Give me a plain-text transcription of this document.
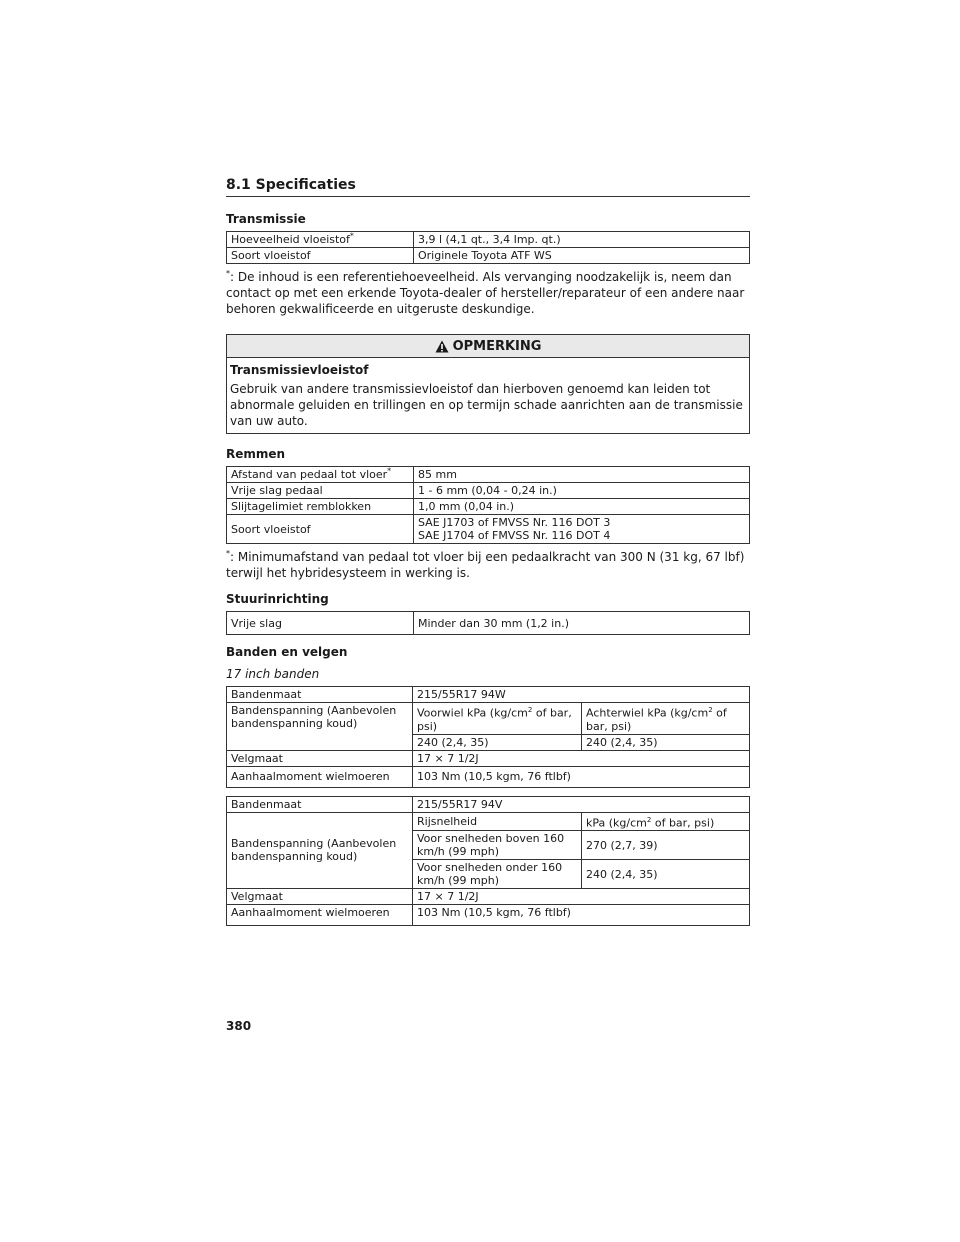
8.1 Specificaties
Transmissie
Hoeveelheid vloeistof*	3,9 l (4,1 qt., 3,4 Imp. qt.)
Soort vloeistof	Originele Toyota ATF WS

*: De inhoud is een referentiehoeveelheid. Als vervanging noodzakelijk is, neem dan contact op met een erkende Toyota-dealer of hersteller/reparateur of een andere naar behoren gekwalificeerde en uitgeruste deskundige.

OPMERKING

Transmissievloeistof

Gebruik van andere transmissievloeistof dan hierboven genoemd kan leiden tot abnormale geluiden en trillingen en op termijn schade aanrichten aan de transmissie van uw auto.

Remmen
Afstand van pedaal tot vloer*	85 mm
Vrije slag pedaal	1 - 6 mm (0,04 - 0,24 in.)
Slijtagelimiet remblokken	1,0 mm (0,04 in.)
Soort vloeistof	SAE J1703 of FMVSS Nr. 116 DOT 3
SAE J1704 of FMVSS Nr. 116 DOT 4

*: Minimumafstand van pedaal tot vloer bij een pedaalkracht van 300 N (31 kg, 67 lbf) terwijl het hybridesysteem in werking is.

Stuurinrichting
Vrije slag	Minder dan 30 mm (1,2 in.)
Banden en velgen

17 inch banden

Bandenmaat	215/55R17 94W	
Bandenspanning (Aanbevolen bandenspanning koud)	Voorwiel kPa ($kg/cm^2$ of bar, psi)	Achterwiel kPa ($kg/cm^2$ of bar, psi)
	240 (2,4, 35)	240 (2,4, 35)
Velgmaat	17 × 7 1/2J	
Aanhaalmoment wielmoeren	103 Nm (10,5 kgm, 76 ftlbf)	
Bandenmaat	215/55R17 94V	
Bandenspanning (Aanbevolen bandenspanning koud)	Rijsnelheid	kPa ($kg/cm^2$ of bar, psi)
	Voor snelheden boven 160 km/h (99 mph)	270 (2,7, 39)
	Voor snelheden onder 160 km/h (99 mph)	240 (2,4, 35)
Velgmaat	17 × 7 1/2J	
Aanhaalmoment wielmoeren	103 Nm (10,5 kgm, 76 ftlbf)	
380
